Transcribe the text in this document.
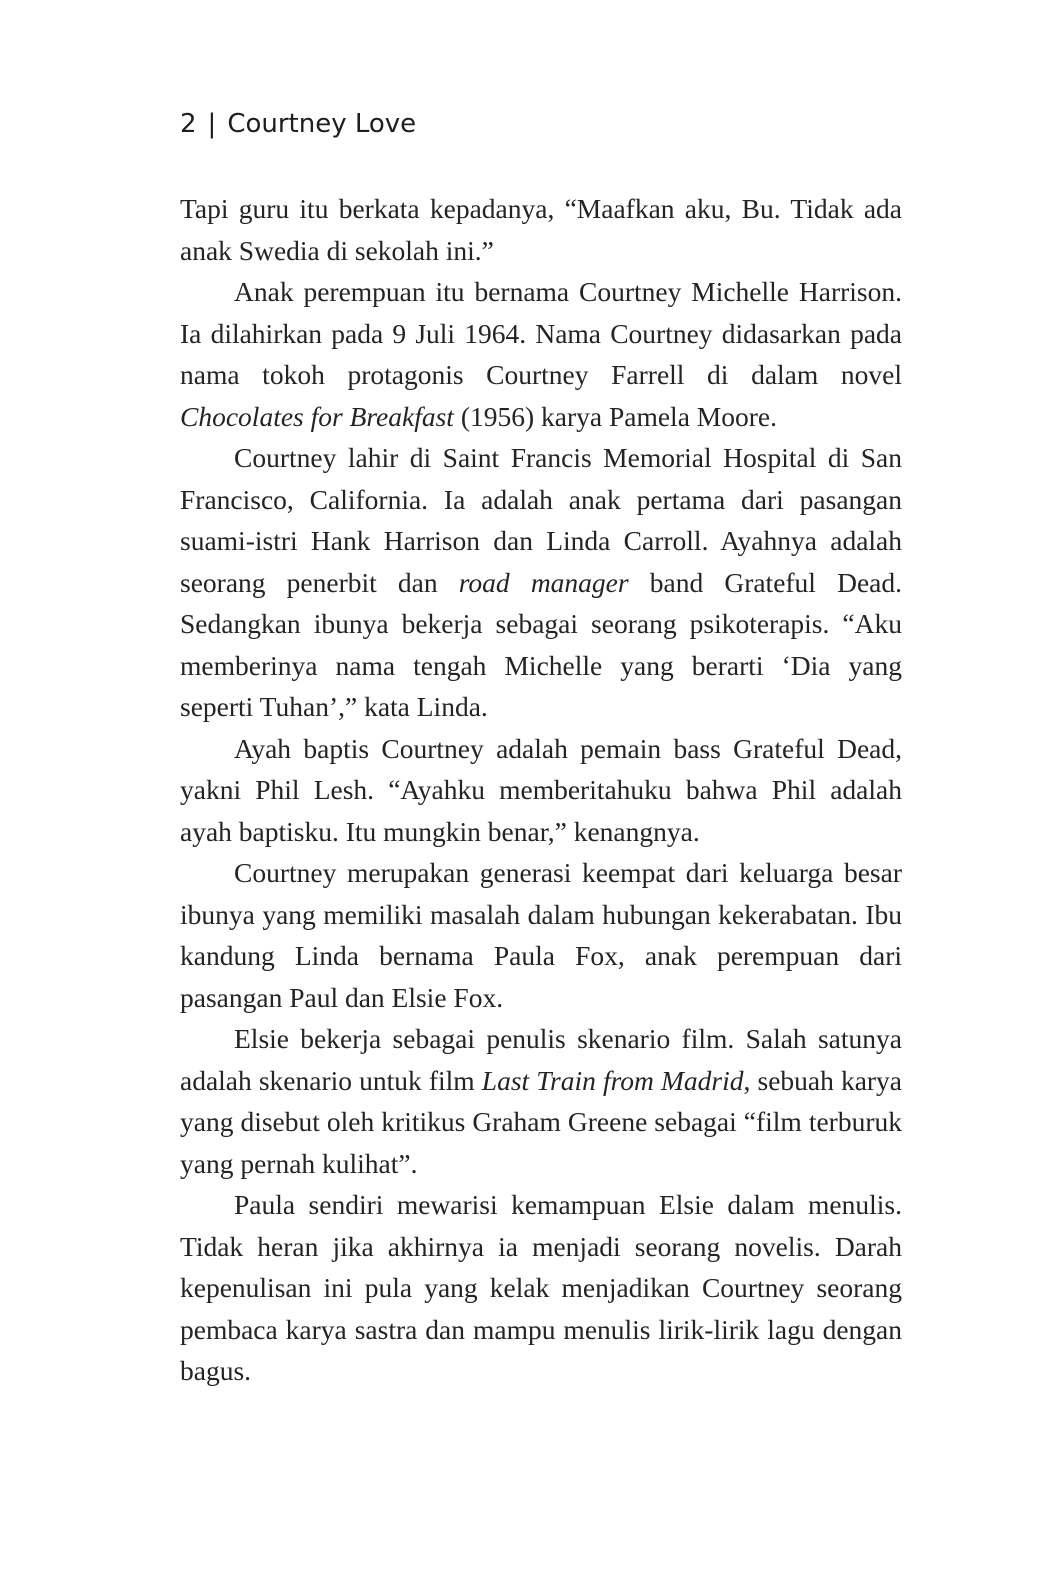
2 | Courtney Love

Tapi guru itu berkata kepadanya, “Maafkan aku, Bu. Tidak ada anak Swedia di sekolah ini.”

Anak perempuan itu bernama Courtney Michelle Harrison. Ia dilahirkan pada 9 Juli 1964. Nama Courtney didasarkan pada nama tokoh protagonis Courtney Farrell di dalam novel Chocolates for Breakfast (1956) karya Pamela Moore.

Courtney lahir di Saint Francis Memorial Hospital di San Francisco, California. Ia adalah anak pertama dari pasangan suami-istri Hank Harrison dan Linda Carroll. Ayahnya adalah seorang penerbit dan road manager band Grateful Dead. Sedangkan ibunya bekerja sebagai seorang psikoterapis. “Aku memberinya nama tengah Michelle yang berarti ‘Dia yang seperti Tuhan’,” kata Linda.

Ayah baptis Courtney adalah pemain bass Grateful Dead, yakni Phil Lesh. “Ayahku memberitahuku bahwa Phil adalah ayah baptisku. Itu mungkin benar,” kenangnya.

Courtney merupakan generasi keempat dari keluarga besar ibunya yang memiliki masalah dalam hubungan kekerabatan. Ibu kandung Linda bernama Paula Fox, anak perempuan dari pasangan Paul dan Elsie Fox.

Elsie bekerja sebagai penulis skenario film. Salah satunya adalah skenario untuk film Last Train from Madrid, sebuah karya yang disebut oleh kritikus Graham Greene sebagai “film terburuk yang pernah kulihat”.

Paula sendiri mewarisi kemampuan Elsie dalam menulis. Tidak heran jika akhirnya ia menjadi seorang novelis. Darah kepenulisan ini pula yang kelak menjadikan Courtney seorang pembaca karya sastra dan mampu menulis lirik-lirik lagu dengan bagus.
